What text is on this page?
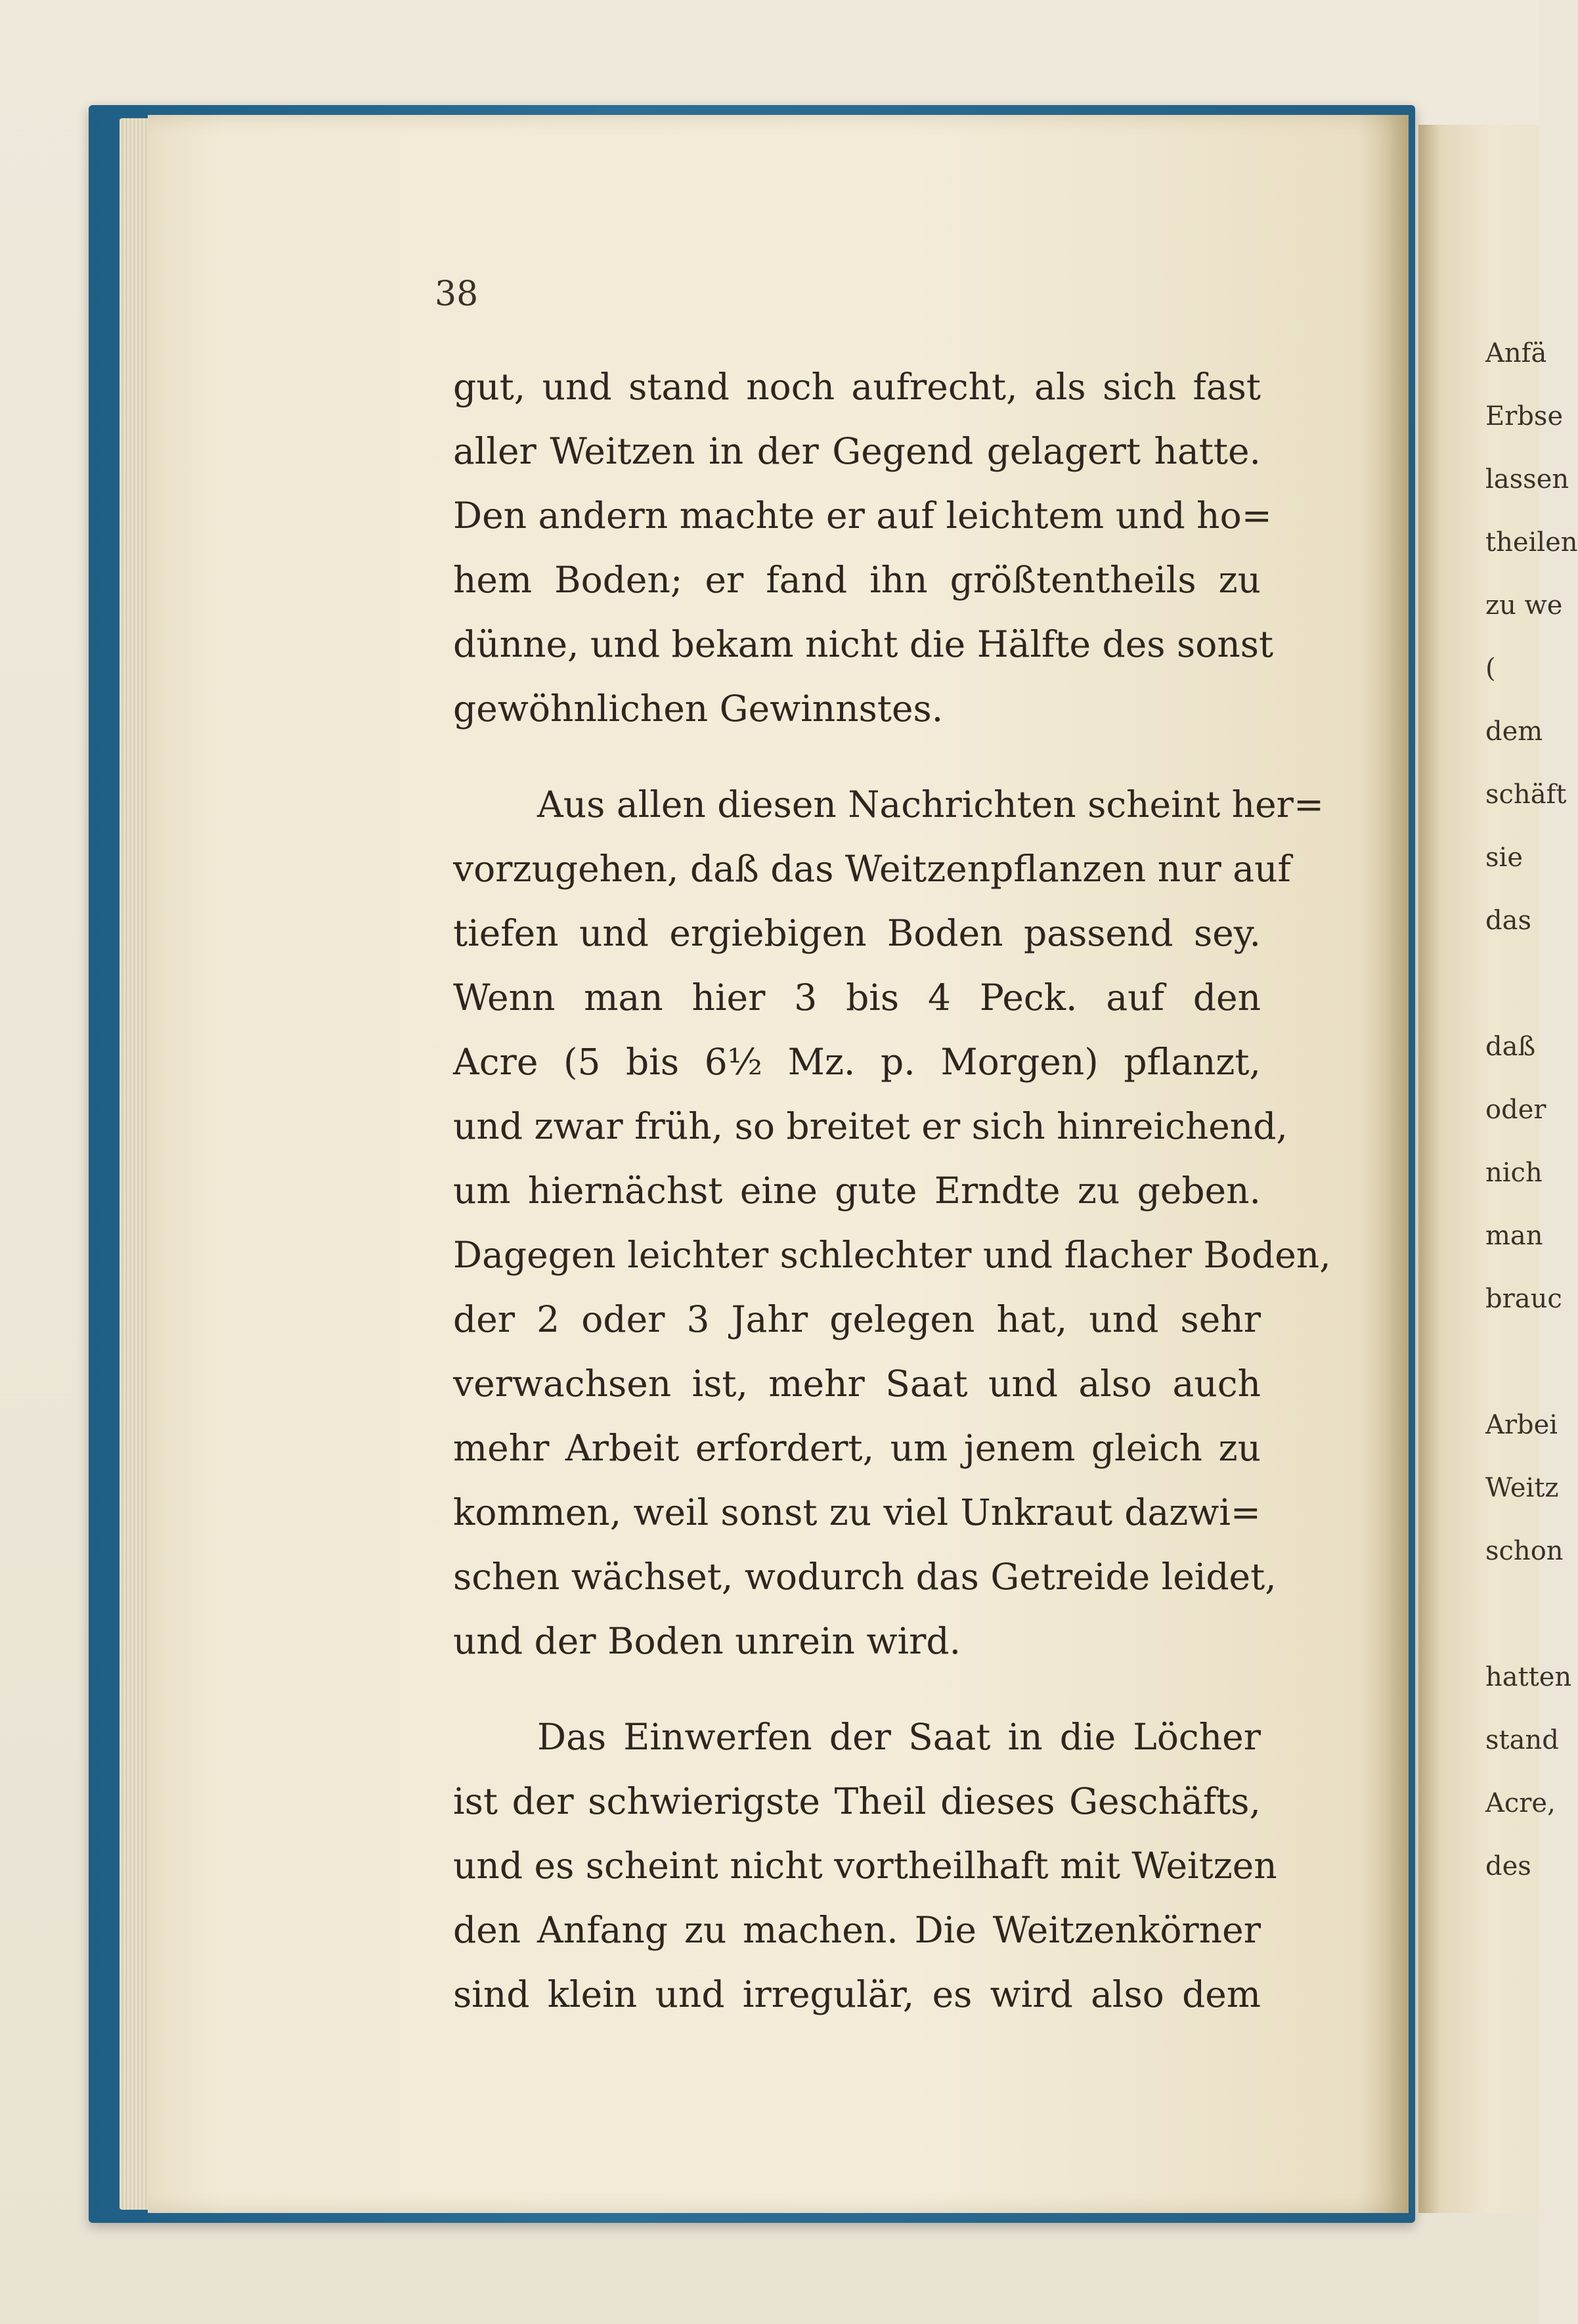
38
gut, und stand noch aufrecht, als sich fast
aller Weitzen in der Gegend gelagert hatte.
Den andern machte er auf leichtem und ho=
hem Boden; er fand ihn größtentheils zu
dünne, und bekam nicht die Hälfte des sonst
gewöhnlichen Gewinnstes.
Aus allen diesen Nachrichten scheint her=
vorzugehen, daß das Weitzenpflanzen nur auf
tiefen und ergiebigen Boden passend sey.
Wenn man hier 3 bis 4 Peck. auf den
Acre (5 bis 6½ Mz. p. Morgen) pflanzt,
und zwar früh, so breitet er sich hinreichend,
um hiernächst eine gute Erndte zu geben.
Dagegen leichter schlechter und flacher Boden,
der 2 oder 3 Jahr gelegen hat, und sehr
verwachsen ist, mehr Saat und also auch
mehr Arbeit erfordert, um jenem gleich zu
kommen, weil sonst zu viel Unkraut dazwi=
schen wächset, wodurch das Getreide leidet,
und der Boden unrein wird.
Das Einwerfen der Saat in die Löcher
ist der schwierigste Theil dieses Geschäfts,
und es scheint nicht vortheilhaft mit Weitzen
den Anfang zu machen. Die Weitzenkörner
sind klein und irregulär, es wird also dem
Anfä
Erbse
lassen
theilen
zu we
(
dem
schäft
sie
das
daß
oder
nich
man
brauc
Arbei
Weitz
schon
hatten
stand
Acre,
des
